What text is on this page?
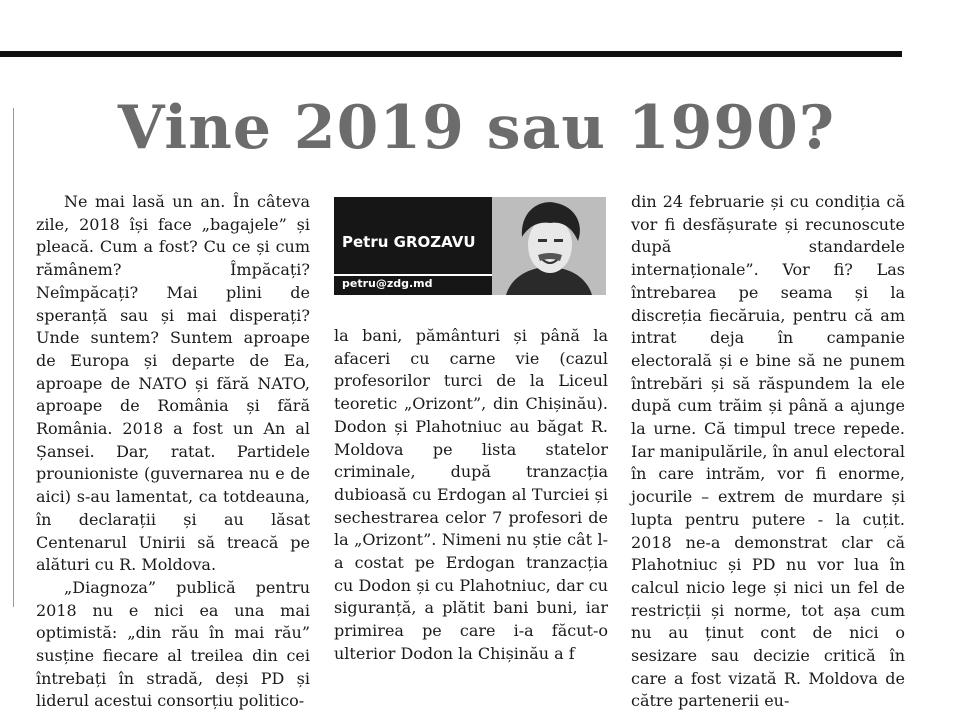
Vine 2019 sau 1990?

Ne mai lasă un an. În câteva zile, 2018 își face „bagajele” și pleacă. Cum a fost? Cu ce și cum rămânem? Împăcați? Neîmpăcați? Mai plini de speranță sau și mai disperați? Unde suntem? Suntem aproape de Europa și departe de Ea, aproape de NATO și fără NATO, aproape de România și fără România. 2018 a fost un An al Șansei. Dar, ratat. Partidele prounioniste (guvernarea nu e de aici) s-au lamentat, ca totdeauna, în declarații și au lăsat Centenarul Unirii să treacă pe alături cu R. Moldova.

„Diagnoza” publică pentru 2018 nu e nici ea una mai optimistă: „din rău în mai rău” susține fiecare al treilea din cei întrebați în stradă, deși PD și liderul acestui consorțiu politico-

Petru GROZAVU
petru@zdg.md

la bani, pământuri și până la afaceri cu carne vie (cazul profesorilor turci de la Liceul teoretic „Orizont”, din Chișinău). Dodon și Plahotniuc au băgat R. Moldova pe lista statelor criminale, după tranzacția dubioasă cu Erdogan al Turciei și sechestrarea celor 7 profesori de la „Orizont”. Nimeni nu știe cât l-a costat pe Erdogan tranzacția cu Dodon și cu Plahotniuc, dar cu siguranță, a plătit bani buni, iar primirea pe care i-a făcut-o ulterior Dodon la Chișinău a f

din 24 februarie și cu condiția că vor fi desfășurate și recunoscute după standardele internaționale”. Vor fi? Las întrebarea pe seama și la discreția fiecăruia, pentru că am intrat deja în campanie electorală și e bine să ne punem întrebări și să răspundem la ele după cum trăim și până a ajunge la urne. Că timpul trece repede. Iar manipulările, în anul electoral în care intrăm, vor fi enorme, jocurile – extrem de murdare și lupta pentru putere - la cuțit. 2018 ne-a demonstrat clar că Plahotniuc și PD nu vor lua în calcul nicio lege și nici un fel de restricții și norme, tot așa cum nu au ținut cont de nici o sesizare sau decizie critică în care a fost vizată R. Moldova de către partenerii eu-
